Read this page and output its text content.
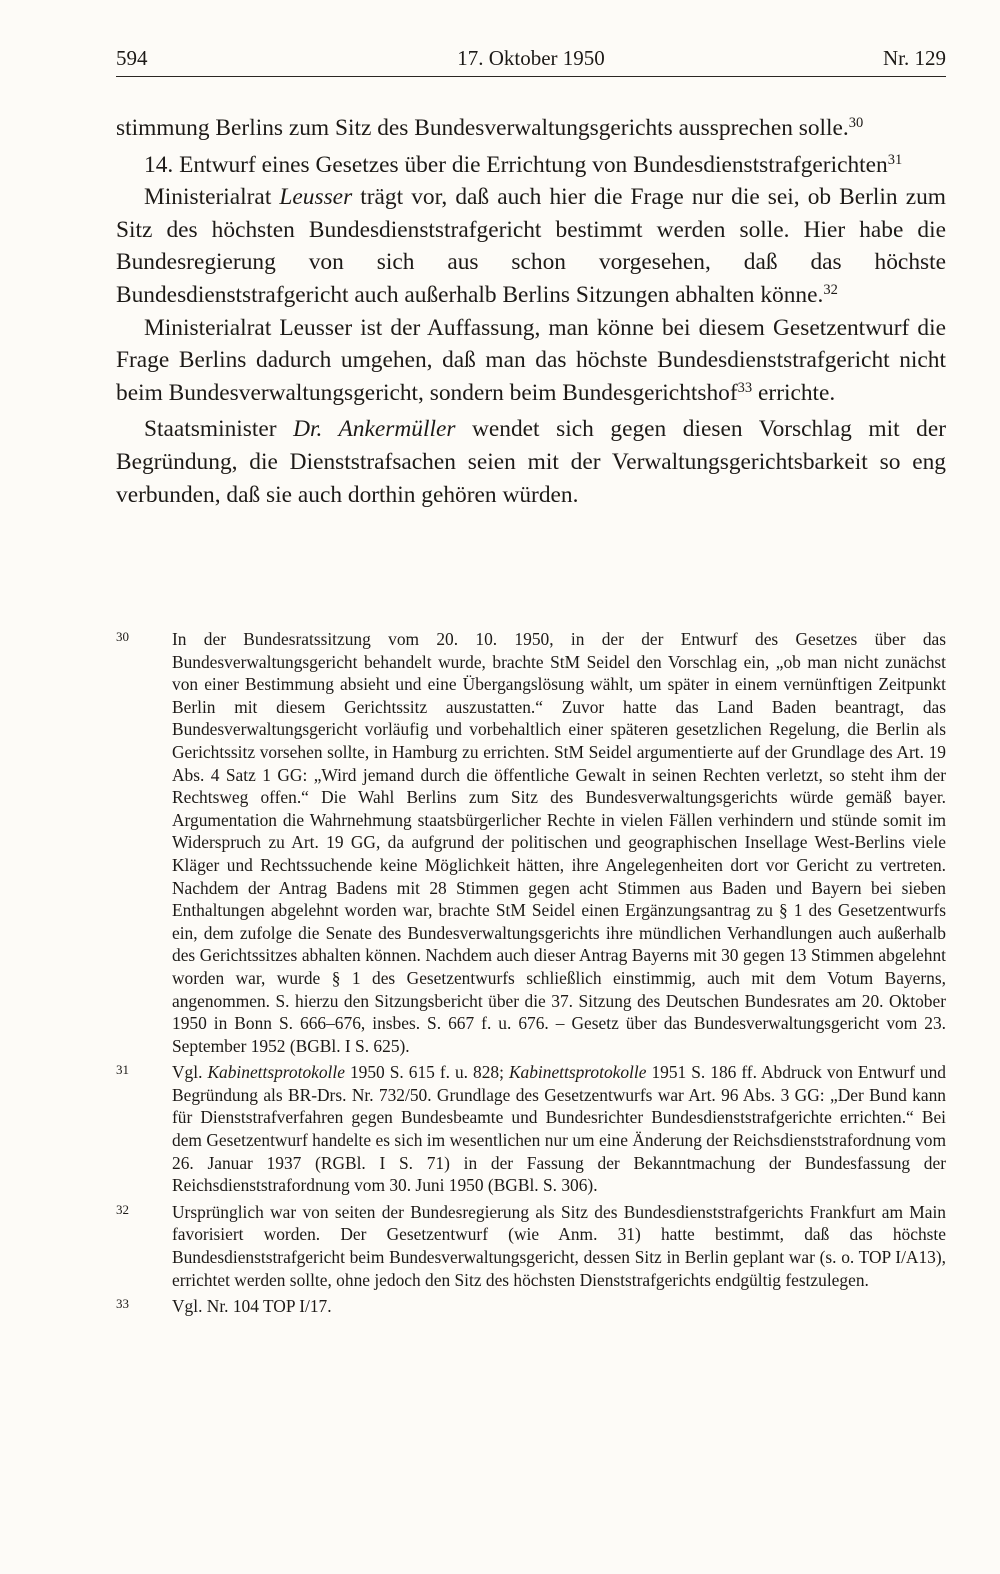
594	17. Oktober 1950	Nr. 129

stimmung Berlins zum Sitz des Bundesverwaltungsgerichts aussprechen solle.$^{30}$

14. Entwurf eines Gesetzes über die Errichtung von Bundesdienststrafgerichten$^{31}$

Ministerialrat Leusser trägt vor, daß auch hier die Frage nur die sei, ob Berlin zum Sitz des höchsten Bundesdienststrafgericht bestimmt werden solle. Hier habe die Bundesregierung von sich aus schon vorgesehen, daß das höchste Bundesdienststrafgericht auch außerhalb Berlins Sitzungen abhalten könne.$^{32}$

Ministerialrat Leusser ist der Auffassung, man könne bei diesem Gesetzentwurf die Frage Berlins dadurch umgehen, daß man das höchste Bundesdienststrafgericht nicht beim Bundesverwaltungsgericht, sondern beim Bundesgerichtshof$^{33}$ errichte.

Staatsminister Dr. Ankermüller wendet sich gegen diesen Vorschlag mit der Begründung, die Dienststrafsachen seien mit der Verwaltungsgerichtsbarkeit so eng verbunden, daß sie auch dorthin gehören würden.

30 In der Bundesratssitzung vom 20. 10. 1950, in der der Entwurf des Gesetzes über das Bundesverwaltungsgericht behandelt wurde, brachte StM Seidel den Vorschlag ein, „ob man nicht zunächst von einer Bestimmung absieht und eine Übergangslösung wählt, um später in einem vernünftigen Zeitpunkt Berlin mit diesem Gerichtssitz auszustatten.“ Zuvor hatte das Land Baden beantragt, das Bundesverwaltungsgericht vorläufig und vorbehaltlich einer späteren gesetzlichen Regelung, die Berlin als Gerichtssitz vorsehen sollte, in Hamburg zu errichten. StM Seidel argumentierte auf der Grundlage des Art. 19 Abs. 4 Satz 1 GG: „Wird jemand durch die öffentliche Gewalt in seinen Rechten verletzt, so steht ihm der Rechtsweg offen.“ Die Wahl Berlins zum Sitz des Bundesverwaltungsgerichts würde gemäß bayer. Argumentation die Wahrnehmung staatsbürgerlicher Rechte in vielen Fällen verhindern und stünde somit im Widerspruch zu Art. 19 GG, da aufgrund der politischen und geographischen Insellage West-Berlins viele Kläger und Rechtssuchende keine Möglichkeit hätten, ihre Angelegenheiten dort vor Gericht zu vertreten. Nachdem der Antrag Badens mit 28 Stimmen gegen acht Stimmen aus Baden und Bayern bei sieben Enthaltungen abgelehnt worden war, brachte StM Seidel einen Ergänzungsantrag zu § 1 des Gesetzentwurfs ein, dem zufolge die Senate des Bundesverwaltungsgerichts ihre mündlichen Verhandlungen auch außerhalb des Gerichtssitzes abhalten können. Nachdem auch dieser Antrag Bayerns mit 30 gegen 13 Stimmen abgelehnt worden war, wurde § 1 des Gesetzentwurfs schließlich einstimmig, auch mit dem Votum Bayerns, angenommen. S. hierzu den Sitzungsbericht über die 37. Sitzung des Deutschen Bundesrates am 20. Oktober 1950 in Bonn S. 666–676, insbes. S. 667 f. u. 676. – Gesetz über das Bundesverwaltungsgericht vom 23. September 1952 (BGBl. I S. 625).

31 Vgl. Kabinettsprotokolle 1950 S. 615 f. u. 828; Kabinettsprotokolle 1951 S. 186 ff. Abdruck von Entwurf und Begründung als BR-Drs. Nr. 732/50. Grundlage des Gesetzentwurfs war Art. 96 Abs. 3 GG: „Der Bund kann für Dienststrafverfahren gegen Bundesbeamte und Bundesrichter Bundesdienststrafgerichte errichten.“ Bei dem Gesetzentwurf handelte es sich im wesentlichen nur um eine Änderung der Reichsdienststrafordnung vom 26. Januar 1937 (RGBl. I S. 71) in der Fassung der Bekanntmachung der Bundesfassung der Reichsdienststrafordnung vom 30. Juni 1950 (BGBl. S. 306).

32 Ursprünglich war von seiten der Bundesregierung als Sitz des Bundesdienststrafgerichts Frankfurt am Main favorisiert worden. Der Gesetzentwurf (wie Anm. 31) hatte bestimmt, daß das höchste Bundesdienststrafgericht beim Bundesverwaltungsgericht, dessen Sitz in Berlin geplant war (s. o. TOP I/A13), errichtet werden sollte, ohne jedoch den Sitz des höchsten Dienststrafgerichts endgültig festzulegen.

33 Vgl. Nr. 104 TOP I/17.
